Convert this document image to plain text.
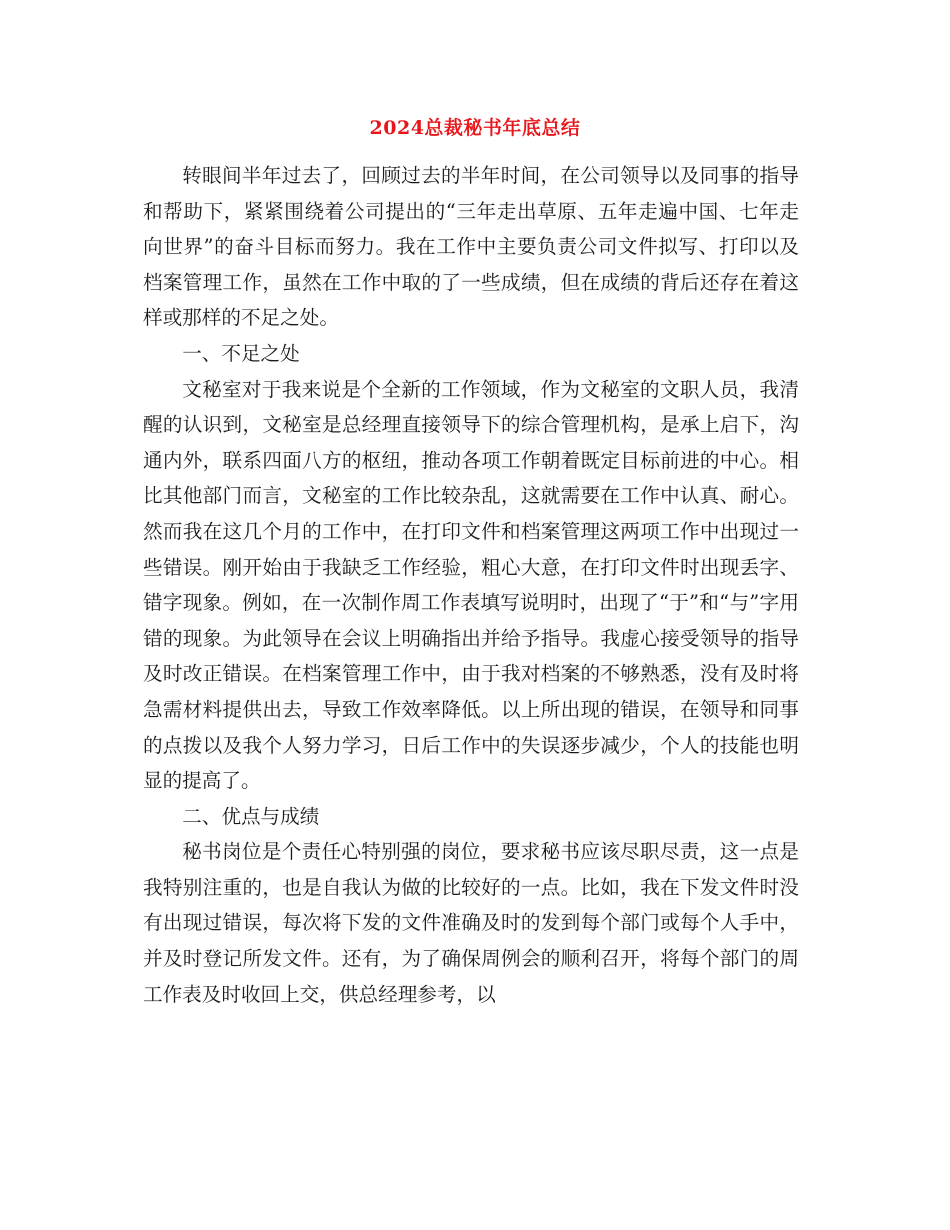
2024总裁秘书年底总结

转眼间半年过去了，回顾过去的半年时间，在公司领导以及同事的指导和帮助下，紧紧围绕着公司提出的“三年走出草原、五年走遍中国、七年走向世界”的奋斗目标而努力。我在工作中主要负责公司文件拟写、打印以及档案管理工作，虽然在工作中取的了一些成绩，但在成绩的背后还存在着这样或那样的不足之处。

一、不足之处

文秘室对于我来说是个全新的工作领域，作为文秘室的文职人员，我清醒的认识到，文秘室是总经理直接领导下的综合管理机构，是承上启下，沟通内外，联系四面八方的枢纽，推动各项工作朝着既定目标前进的中心。相比其他部门而言，文秘室的工作比较杂乱，这就需要在工作中认真、耐心。然而我在这几个月的工作中，在打印文件和档案管理这两项工作中出现过一些错误。刚开始由于我缺乏工作经验，粗心大意，在打印文件时出现丢字、错字现象。例如，在一次制作周工作表填写说明时，出现了“于”和“与”字用错的现象。为此领导在会议上明确指出并给予指导。我虚心接受领导的指导及时改正错误。在档案管理工作中，由于我对档案的不够熟悉，没有及时将急需材料提供出去，导致工作效率降低。以上所出现的错误，在领导和同事的点拨以及我个人努力学习，日后工作中的失误逐步减少，个人的技能也明显的提高了。

二、优点与成绩

秘书岗位是个责任心特别强的岗位，要求秘书应该尽职尽责，这一点是我特别注重的，也是自我认为做的比较好的一点。比如，我在下发文件时没有出现过错误，每次将下发的文件准确及时的发到每个部门或每个人手中，并及时登记所发文件。还有，为了确保周例会的顺利召开，将每个部门的周工作表及时收回上交，供总经理参考，以
